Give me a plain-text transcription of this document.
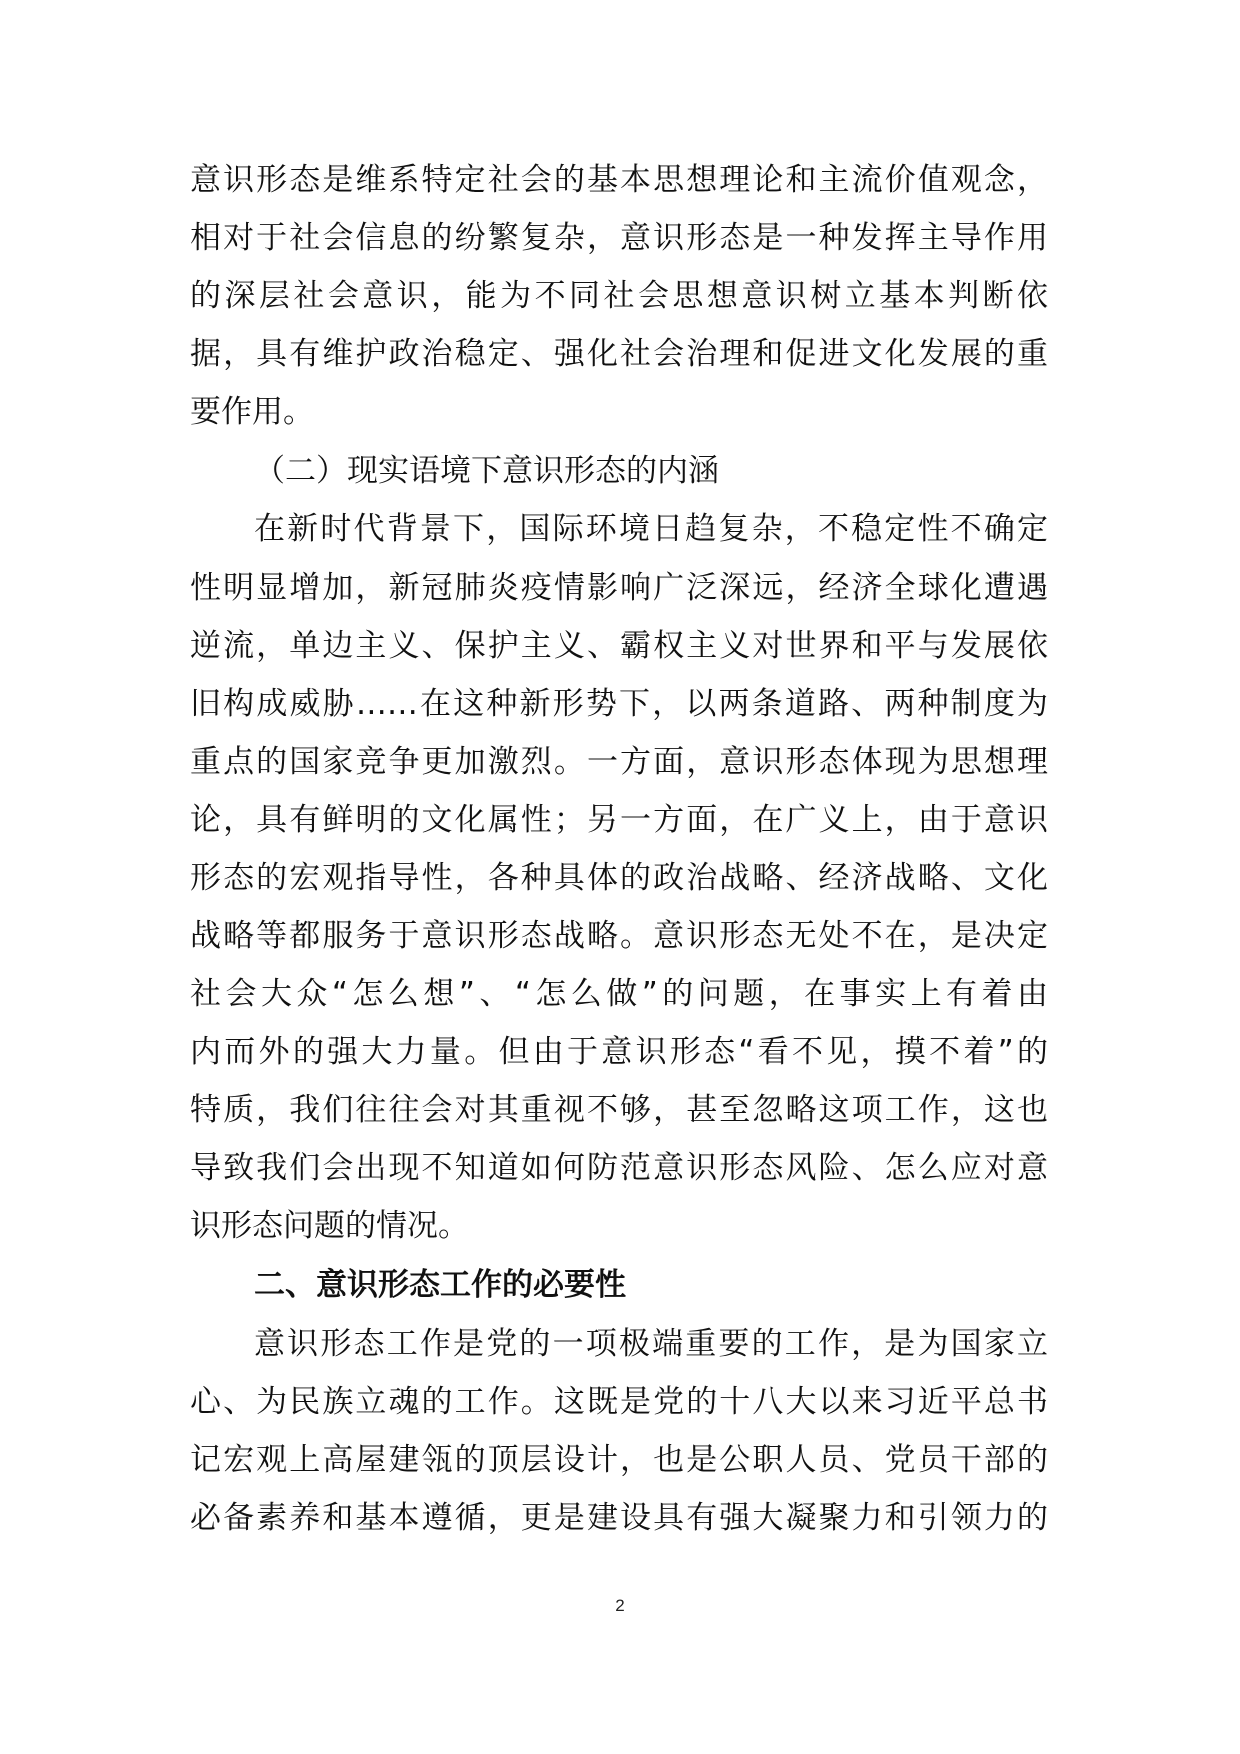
意识形态是维系特定社会的基本思想理论和主流价值观念，
相对于社会信息的纷繁复杂，意识形态是一种发挥主导作用
的深层社会意识，能为不同社会思想意识树立基本判断依
据，具有维护政治稳定、强化社会治理和促进文化发展的重
要作用。
（二）现实语境下意识形态的内涵
在新时代背景下，国际环境日趋复杂，不稳定性不确定
性明显增加，新冠肺炎疫情影响广泛深远，经济全球化遭遇
逆流，单边主义、保护主义、霸权主义对世界和平与发展依
旧构成威胁……在这种新形势下，以两条道路、两种制度为
重点的国家竞争更加激烈。一方面，意识形态体现为思想理
论，具有鲜明的文化属性；另一方面，在广义上，由于意识
形态的宏观指导性，各种具体的政治战略、经济战略、文化
战略等都服务于意识形态战略。意识形态无处不在，是决定
社会大众“怎么想”、“怎么做”的问题，在事实上有着由
内而外的强大力量。但由于意识形态“看不见，摸不着”的
特质，我们往往会对其重视不够，甚至忽略这项工作，这也
导致我们会出现不知道如何防范意识形态风险、怎么应对意
识形态问题的情况。
二、意识形态工作的必要性
意识形态工作是党的一项极端重要的工作，是为国家立
心、为民族立魂的工作。这既是党的十八大以来习近平总书
记宏观上高屋建瓴的顶层设计，也是公职人员、党员干部的
必备素养和基本遵循，更是建设具有强大凝聚力和引领力的
2
